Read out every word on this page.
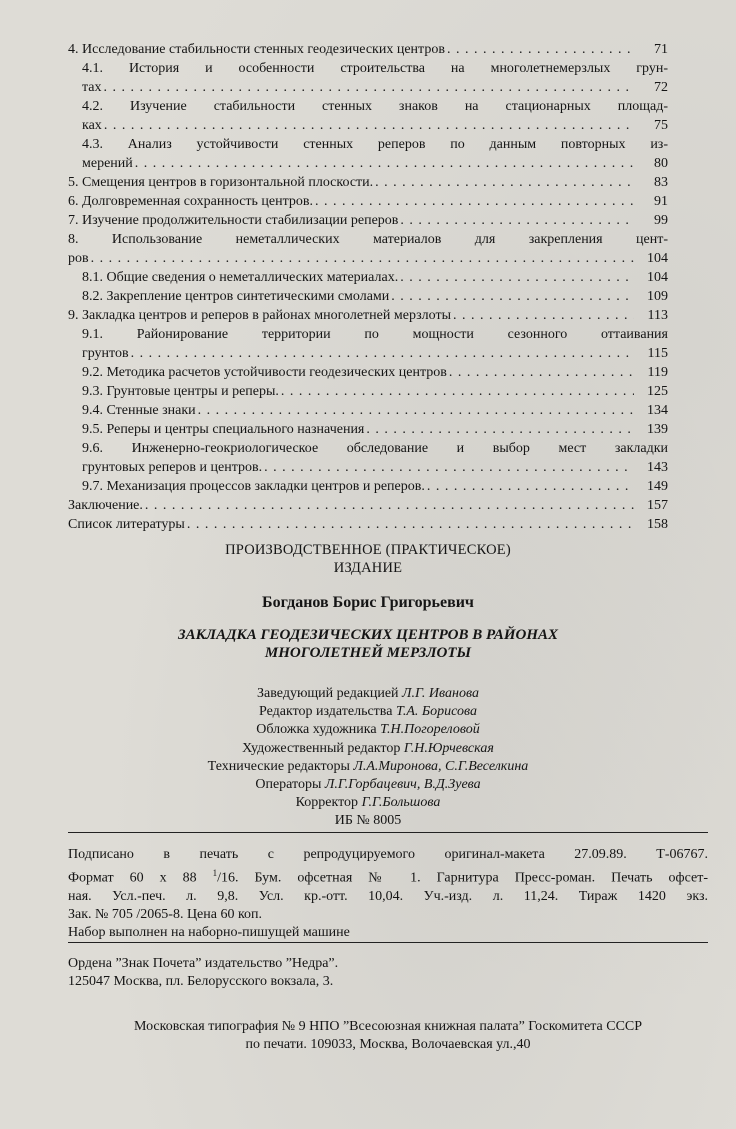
4. Исследование стабильности стенных геодезических центров . . .	71
4.1. История и особенности строительства на многолетнемерзлых грун-
тах . . .	72
4.2. Изучение стабильности стенных знаков на стационарных площад-
ках . . .	75
4.3. Анализ устойчивости стенных реперов по данным повторных из-
мерений . . .	80
5. Смещения центров в горизонтальной плоскости. . . .	83
6. Долговременная сохранность центров. . . .	91
7. Изучение продолжительности стабилизации реперов . . .	99
8. Использование неметаллических материалов для закрепления цент-
ров . . .	104
8.1. Общие сведения о неметаллических материалах. . . .	104
8.2. Закрепление центров синтетическими смолами . . .	109
9. Закладка центров и реперов в районах многолетней мерзлоты . . .	113
9.1. Районирование территории по мощности сезонного оттаивания
грунтов . . .	115
9.2. Методика расчетов устойчивости геодезических центров . . .	119
9.3. Грунтовые центры и реперы. . . .	125
9.4. Стенные знаки . . .	134
9.5. Реперы и центры специального назначения . . .	139
9.6. Инженерно-геокриологическое обследование и выбор мест закладки
грунтовых реперов и центров. . . .	143
9.7. Механизация процессов закладки центров и реперов. . . .	149
Заключение. . . .	157
Список литературы . . .	158
ПРОИЗВОДСТВЕННОЕ (ПРАКТИЧЕСКОЕ)
ИЗДАНИЕ
Богданов Борис Григорьевич
ЗАКЛАДКА ГЕОДЕЗИЧЕСКИХ ЦЕНТРОВ В РАЙОНАХ
МНОГОЛЕТНЕЙ МЕРЗЛОТЫ
Заведующий редакцией Л.Г. Иванова
Редактор издательства Т.А. Борисова
Обложка художника Т.Н.Погореловой
Художественный редактор Г.Н.Юрчевская
Технические редакторы Л.А.Миронова, С.Г.Веселкина
Операторы Л.Г.Горбацевич, В.Д.Зуева
Корректор Г.Г.Большова
ИБ № 8005
Подписано в печать с репродуцируемого оригинал-макета 27.09.89. Т-06767.
Формат 60 х 88 $^1$/16. Бум. офсетная № 1. Гарнитура Пресс-роман. Печать офсет-
ная. Усл.-печ. л. 9,8. Усл. кр.-отт. 10,04. Уч.-изд. л. 11,24. Тираж 1420 экз.
Зак. № 705 /2065-8. Цена 60 коп.
Набор выполнен на наборно-пишущей машине
Ордена ”Знак Почета” издательство ”Недра”.
125047 Москва, пл. Белорусского вокзала, 3.
Московская типография № 9 НПО ”Всесоюзная книжная палата” Госкомитета СССР
по печати. 109033, Москва, Волочаевская ул.,40
